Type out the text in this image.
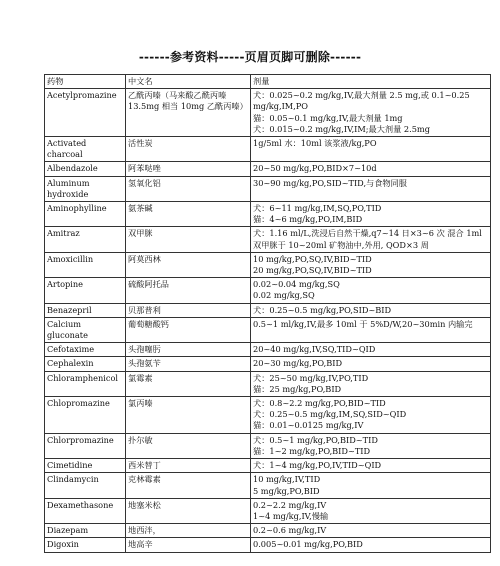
------参考资料-----页眉页脚可删除------
药物	中文名	剂量
Acetylpromazine	乙酰丙嗪（马来酸乙酰丙嗪 13.5mg 相当 10mg 乙酰丙嗪）	犬：0.025~0.2 mg/kg,IV,最大剂量 2.5 mg,或 0.1~0.25 mg/kg,IM,PO
猫：0.05~0.1 mg/kg,IV,最大剂量 1mg
犬：0.015~0.2 mg/kg,IV,IM;最大剂量 2.5mg

Activated charcoal	活性炭	1g/5ml 水：10ml 该浆液/kg,PO

Albendazole	阿苯哒唑	20~50 mg/kg,PO,BID×7~10d

Aluminum hydroxide	氢氧化铝	30~90 mg/kg,PO,SID~TID,与食物同服

Aminophylline	氨茶碱	犬：6~11 mg/kg,IM,SQ,PO,TID
猫：4~6 mg/kg,PO,IM,BID

Amitraz	双甲脒	犬：1.16 ml/L,洗浸后自然干燥,q7~14 日×3~6 次 混合 1ml 双甲脒于 10~20ml 矿物油中,外用, QOD×3 周

Amoxicillin	阿莫西林	10 mg/kg,PO,SQ,IV,BID~TID
20 mg/kg,PO,SQ,IV,BID~TID

Artopine	硫酸阿托品	0.02~0.04 mg/kg,SQ
0.02 mg/kg,SQ

Benazepril	贝那普利	犬：0.25~0.5 mg/kg,PO,SID~BID

Calcium gluconate	葡萄糖酸钙	0.5~1 ml/kg,IV,最多 10ml 于 5%D/W,20~30min 内输完

Cefotaxime	头孢噻肟	20~40 mg/kg,IV,SQ,TID~QID

Cephalexin	头孢氨苄	20~30 mg/kg,PO,BID

Chloramphenicol	氯霉素	犬：25~50 mg/kg,IV,PO,TID
猫：25 mg/kg,PO,BID

Chlopromazine	氯丙嗪	犬：0.8~2.2 mg/kg,PO,BID~TID
犬：0.25~0.5 mg/kg,IM,SQ,SID~QID
猫：0.01~0.0125 mg/kg,IV

Chlorpromazine	扑尔敏	犬：0.5~1 mg/kg,PO,BID~TID
猫：1~2 mg/kg,PO,BID~TID

Cimetidine	西米替丁	犬：1~4 mg/kg,PO,IV,TID~QID

Clindamycin	克林霉素	10 mg/kg,IV,TID
5 mg/kg,PO,BID

Dexamethasone	地塞米松	0.2~2.2 mg/kg,IV
1~4 mg/kg,IV,慢输

Diazepam	地西泮，	0.2~0.6 mg/kg,IV

Digoxin	地高辛	0.005~0.01 mg/kg,PO,BID
